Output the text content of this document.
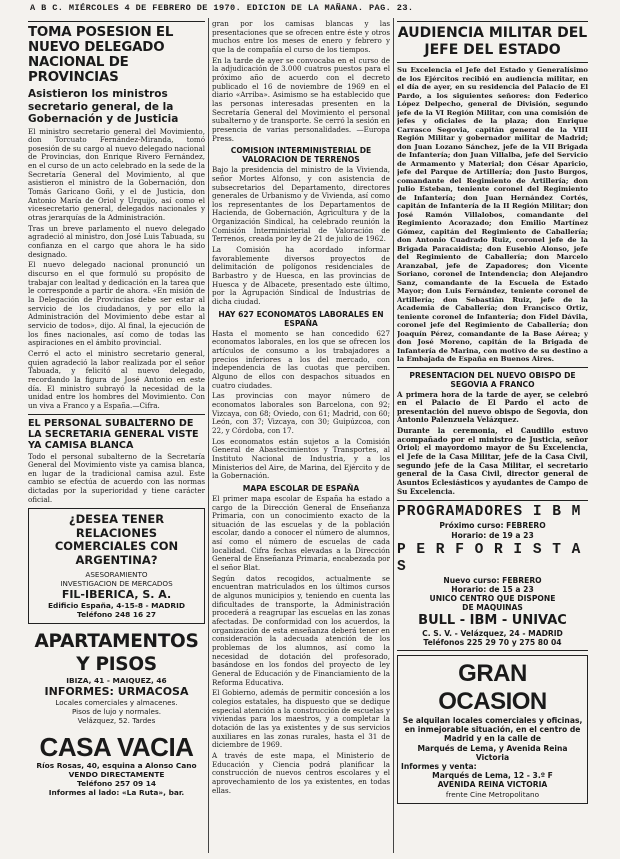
A B C. MIÉRCOLES 4 DE FEBRERO DE 1970. EDICION DE LA MAÑANA. PAG. 23.
TOMA POSESION EL NUEVO DELEGADO NACIONAL DE PROVINCIAS
Asistieron los ministros secretario general, de la Gobernación y de Justicia
El ministro secretario general del Movimiento, don Torcuato Fernández-Miranda, tomó posesión de su cargo al nuevo delegado nacional de Provincias, don Enrique Rivero Fernández, en el curso de un acto celebrado en la sede de la Secretaría General del Movimiento, al que asistieron el ministro de la Gobernación, don Tomás Garicano Goñi, y el de Justicia, don Antonio María de Oriol y Urquijo, así como el vicesecretario general, delegados nacionales y otras jerarquías de la Administración.
Tras un breve parlamento el nuevo delegado agradeció al ministro, don José Luis Tabuada, su confianza en el cargo que ahora le ha sido designado.
El nuevo delegado nacional pronunció un discurso en el que formuló su propósito de trabajar con lealtad y dedicación en la tarea que le corresponde a partir de ahora. «En misión de la Delegación de Provincias debe ser estar al servicio de los ciudadanos, y por ello la Administración del Movimiento debe estar al servicio de todos», dijo. Al final, la ejecución de los fines nacionales, así como de todas las aspiraciones en el ámbito provincial.
Cerró el acto el ministro secretario general, quien agradeció la labor realizada por el señor Tabuada, y felicitó al nuevo delegado, recordando la figura de José Antonio en este día. El ministro subrayó la necesidad de la unidad entre los hombres del Movimiento. Con un viva a Franco y a España.—Cifra.
EL PERSONAL SUBALTERNO DE LA SECRETARIA GENERAL VISTE YA CAMISA BLANCA
Todo el personal subalterno de la Secretaría General del Movimiento viste ya camisa blanca, en lugar de la tradicional camisa azul. Este cambio se efectúa de acuerdo con las normas dictadas por la superioridad y tiene carácter oficial.
¿DESEA TENER RELACIONES COMERCIALES CON ARGENTINA?
ASESORAMIENTO
INVESTIGACION DE MERCADOS
FIL-IBERICA, S. A.
Edificio España, 4-15-8 - MADRID
Teléfono 248 16 27
APARTAMENTOS Y PISOS
IBIZA, 41 - MAIQUEZ, 46
INFORMES: URMACOSA
Locales comerciales y almacenes.
Pisos de lujo y normales.
Velázquez, 52. Tardes
CASA VACIA
Ríos Rosas, 40, esquina a Alonso Cano
VENDO DIRECTAMENTE
Teléfono 257 09 14
Informes al lado: «La Ruta», bar.
gran por los camisas blancas y las presentaciones que se ofrecen entre éste y otros muchos entre los meses de enero y febrero y que la de compañía el curso de los tiempos.
En la tarde de ayer se convocaba en el curso de la adjudicación de 3.000 cuatros puestos para el próximo año de acuerdo con el decreto publicado el 16 de noviembre de 1969 en el diario «Arriba». Asimismo se ha establecido que las personas interesadas presenten en la Secretaría General del Movimiento el personal subalterno y de transporte. Se cerró la sesión en presencia de varias personalidades. —Europa Press.
COMISION INTERMINISTERIAL DE VALORACION DE TERRENOS
Bajo la presidencia del ministro de la Vivienda, señor Mortes Alfonso, y con asistencia de subsecretarios del Departamento, directores generales de Urbanismo y de Vivienda, así como los representantes de los Departamentos de Hacienda, de Gobernación, Agricultura y de la Organización Sindical, ha celebrado reunión la Comisión Interministerial de Valoración de Terrenos, creada por ley de 21 de julio de 1962.
La Comisión ha acordado informar favorablemente diversos proyectos de delimitación de polígonos residenciales de Barbastro y de Huesca, en las provincias de Huesca y de Albacete, presentado este último, por la Agrupación Sindical de Industrias de dicha ciudad.
HAY 627 ECONOMATOS LABORALES EN ESPAÑA
Hasta el momento se han concedido 627 economatos laborales, en los que se ofrecen los artículos de consumo a los trabajadores a precios inferiores a los del mercado, con independencia de las cuotas que perciben. Alguno de ellos con despachos situados en cuatro ciudades.
Las provincias con mayor número de economatos laborales son Barcelona, con 92; Vizcaya, con 68; Oviedo, con 61; Madrid, con 60; León, con 37; Vizcaya, con 30; Guipúzcoa, con 22, y Córdoba, con 17.
Los economatos están sujetos a la Comisión General de Abastecimientos y Transportes, al Instituto Nacional de Industria, y a los Ministerios del Aire, de Marina, del Ejército y de la Gobernación.
MAPA ESCOLAR DE ESPAÑA
El primer mapa escolar de España ha estado a cargo de la Dirección General de Enseñanza Primaria, con un conocimiento exacto de la situación de las escuelas y de la población escolar, dando a conocer el número de alumnos, así como el número de escuelas de cada localidad. Cifra fechas elevadas a la Dirección General de Enseñanza Primaria, encabezada por el señor Blat.
Según datos recogidos, actualmente se encuentran matriculados en los últimos cursos de algunos municipios y, teniendo en cuenta las dificultades de transporte, la Administración procederá a reagrupar las escuelas en las zonas afectadas. De conformidad con los acuerdos, la organización de esta enseñanza deberá tener en consideración la adecuada atención de los problemas de los alumnos, así como la necesidad de dotación del profesorado, basándose en los fondos del proyecto de ley General de Educación y de Financiamiento de la Reforma Educativa.
El Gobierno, además de permitir concesión a los colegios estatales, ha dispuesto que se dedique especial atención a la construcción de escuelas y viviendas para los maestros, y a completar la dotación de las ya existentes y de sus servicios auxiliares en las zonas rurales, hasta el 31 de diciembre de 1969.
A través de este mapa, el Ministerio de Educación y Ciencia podrá planificar la construcción de nuevos centros escolares y el aprovechamiento de los ya existentes, en todas ellas.
AUDIENCIA MILITAR DEL JEFE DEL ESTADO
Su Excelencia el Jefe del Estado y Generalísimo de los Ejércitos recibió en audiencia militar, en el día de ayer, en su residencia del Palacio de El Pardo, a los siguientes señores: don Federico López Delpecho, general de División, segundo jefe de la VI Región Militar, con una comisión de jefes y oficiales de la plaza; don Enrique Carrasco Segovia, capitán general de la VIII Región Militar y gobernador militar de Madrid; don Juan Lozano Sánchez, jefe de la VII Brigada de Infantería; don Juan Villalba, jefe del Servicio de Armamento y Material; don César Aparicio, jefe del Parque de Artillería; don Justo Burgos, comandante del Regimiento de Artillería; don Julio Esteban, teniente coronel del Regimiento de Infantería; don Juan Hernández Cortés, capitán de Infantería de la II Región Militar; don José Ramón Villalobos, comandante del Regimiento Acorazado; don Emilio Martínez Gómez, capitán del Regimiento de Caballería; don Antonio Cuadrado Ruiz, coronel jefe de la Brigada Paracaidista; don Eusebio Alonso, jefe del Regimiento de Caballería; don Marcelo Aranzabal, jefe de Zapadores; don Vicente Soriano, coronel de Intendencia; don Alejandro Sanz, comandante de la Escuela de Estado Mayor; don Luis Fernández, teniente coronel de Artillería; don Sebastián Ruiz, jefe de la Academia de Caballería; don Francisco Ortiz, teniente coronel de Infantería; don Fidel Dávila, coronel jefe del Regimiento de Caballería; don Joaquín Pérez, comandante de la Base Aérea; y don José Moreno, capitán de la Brigada de Infantería de Marina, con motivo de su destino a la Embajada de España en Buenos Aires.
PRESENTACION DEL NUEVO OBISPO DE SEGOVIA A FRANCO
A primera hora de la tarde de ayer, se celebró en el Palacio de El Pardo el acto de presentación del nuevo obispo de Segovia, don Antonio Palenzuela Velázquez.
Durante la ceremonia, el Caudillo estuvo acompañado por el ministro de Justicia, señor Oriol; el mayordomo mayor de Su Excelencia, el Jefe de la Casa Militar, jefe de la Casa Civil, segundo jefe de la Casa Militar, el secretario general de la Casa Civil, director general de Asuntos Eclesiásticos y ayudantes de Campo de Su Excelencia.
PROGRAMADORES I B M
Próximo curso: FEBRERO
Horario: de 19 a 23
P E R F O R I S T A S
Nuevo curso: FEBRERO
Horario: de 15 a 23
UNICO CENTRO QUE DISPONE
DE MAQUINAS
BULL - IBM - UNIVAC
C. S. V. - Velázquez, 24 - MADRID
Teléfonos 225 29 70 y 275 80 04
GRAN OCASION
Se alquilan locales comerciales y oficinas, en inmejorable situación, en el centro de Madrid y en la calle de
Marqués de Lema, y Avenida Reina Victoria
Informes y venta:
Marqués de Lema, 12 - 3.º F
AVENIDA REINA VICTORIA
frente Cine Metropolitano
